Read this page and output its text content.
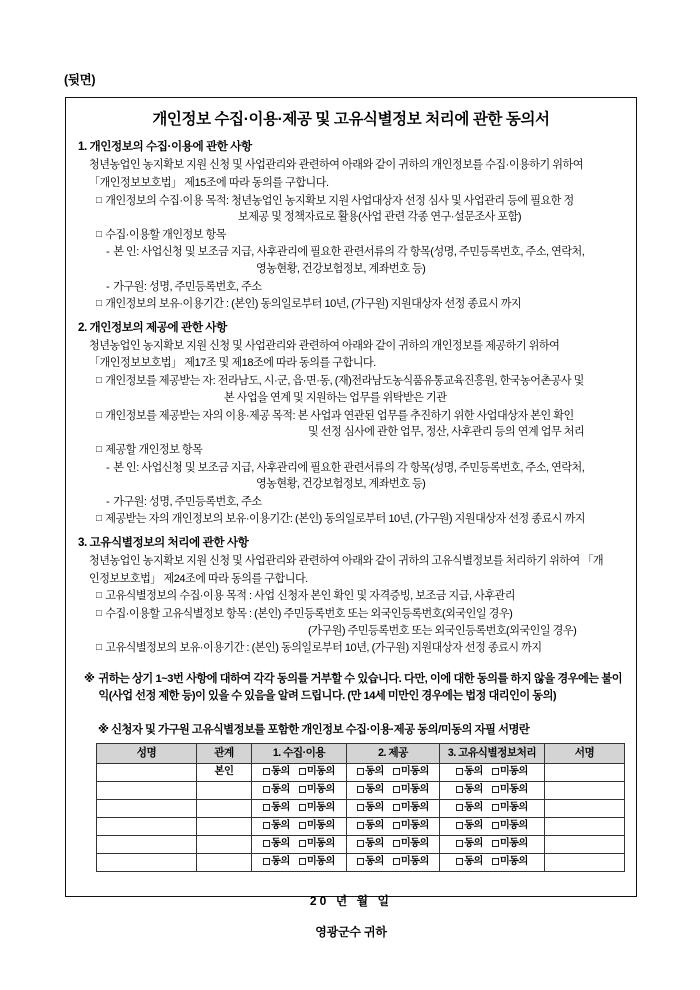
(뒷면)
개인정보 수집·이용·제공 및 고유식별정보 처리에 관한 동의서
1. 개인정보의 수집·이용에 관한 사항
청년농업인 농지확보 지원 신청 및 사업관리와 관련하여 아래와 같이 귀하의 개인정보를 수집·이용하기 위하여
「개인정보보호법」 제15조에 따라 동의를 구합니다.
□ 개인정보의 수집·이용 목적: 청년농업인 농지확보 지원 사업대상자 선정 심사 및 사업관리 등에 필요한 정
보제공 및 정책자료로 활용(사업 관련 각종 연구·설문조사 포함)
□ 수집·이용할 개인정보 항목
- 본 인: 사업신청 및 보조금 지급, 사후관리에 필요한 관련서류의 각 항목(성명, 주민등록번호, 주소, 연락처,
영농현황, 건강보험정보, 계좌번호 등)
- 가구원: 성명, 주민등록번호, 주소
□ 개인정보의 보유·이용기간 : (본인) 동의일로부터 10년, (가구원) 지원대상자 선정 종료시 까지
2. 개인정보의 제공에 관한 사항
청년농업인 농지확보 지원 신청 및 사업관리와 관련하여 아래와 같이 귀하의 개인정보를 제공하기 위하여
「개인정보보호법」 제17조 및 제18조에 따라 동의를 구합니다.
□ 개인정보를 제공받는 자: 전라남도, 시·군, 읍·면·동, (재)전라남도농식품유통교육진흥원, 한국농어촌공사 및
본 사업을 연계 및 지원하는 업무를 위탁받은 기관
□ 개인정보를 제공받는 자의 이용·제공 목적: 본 사업과 연관된 업무를 추진하기 위한 사업대상자 본인 확인
및 선정 심사에 관한 업무, 정산, 사후관리 등의 연계 업무 처리
□ 제공할 개인정보 항목
- 본 인: 사업신청 및 보조금 지급, 사후관리에 필요한 관련서류의 각 항목(성명, 주민등록번호, 주소, 연락처,
영농현황, 건강보험정보, 계좌번호 등)
- 가구원: 성명, 주민등록번호, 주소
□ 제공받는 자의 개인정보의 보유·이용기간: (본인) 동의일로부터 10년, (가구원) 지원대상자 선정 종료시 까지
3. 고유식별정보의 처리에 관한 사항
청년농업인 농지확보 지원 신청 및 사업관리와 관련하여 아래와 같이 귀하의 고유식별정보를 처리하기 위하여 「개
인정보보호법」 제24조에 따라 동의를 구합니다.
□ 고유식별정보의 수집·이용 목적 : 사업 신청자 본인 확인 및 자격증빙, 보조금 지급, 사후관리
□ 수집·이용할 고유식별정보 항목 : (본인) 주민등록번호 또는 외국인등록번호(외국인일 경우)
(가구원) 주민등록번호 또는 외국인등록번호(외국인일 경우)
□ 고유식별정보의 보유·이용기간 : (본인) 동의일로부터 10년, (가구원) 지원대상자 선정 종료시 까지
※ 귀하는 상기 1~3번 사항에 대하여 각각 동의를 거부할 수 있습니다. 다만, 이에 대한 동의를 하지 않을 경우에는 불이익(사업 선정 제한 등)이 있을 수 있음을 알려 드립니다. (만 14세 미만인 경우에는 법정 대리인이 동의)
※ 신청자 및 가구원 고유식별정보를 포함한 개인정보 수집·이용·제공 동의/미동의 자필 서명란
성명	관계	1. 수집·이용	2. 제공	3. 고유식별정보처리	서명
	본인	동의 미동의	동의 미동의	동의 미동의	
		동의 미동의	동의 미동의	동의 미동의	
		동의 미동의	동의 미동의	동의 미동의	
		동의 미동의	동의 미동의	동의 미동의	
		동의 미동의	동의 미동의	동의 미동의	
		동의 미동의	동의 미동의	동의 미동의	
20 년 월 일
영광군수 귀하
